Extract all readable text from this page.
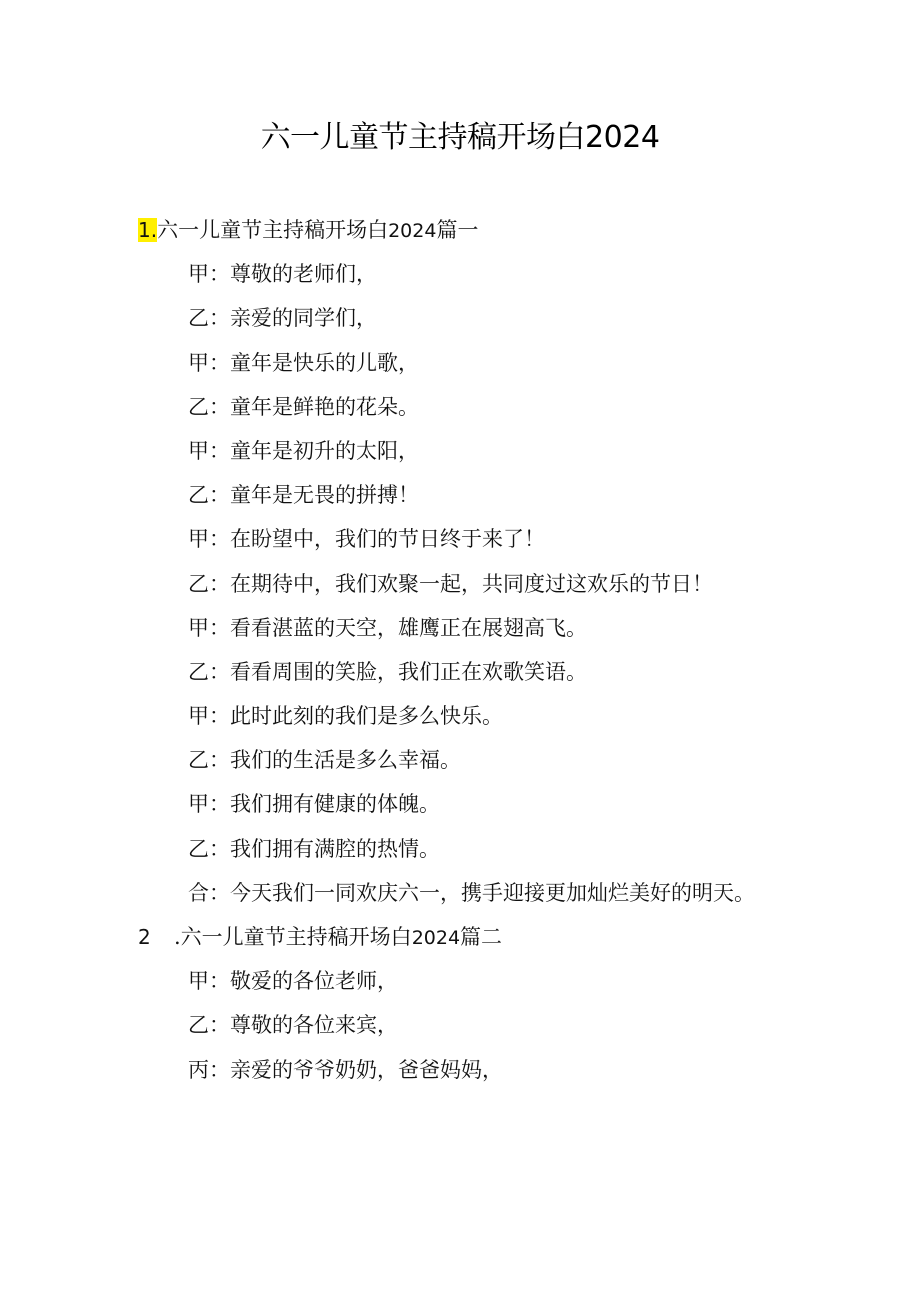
六一儿童节主持稿开场白2024
1.六一儿童节主持稿开场白2024篇一
甲：尊敬的老师们，
乙：亲爱的同学们，
甲：童年是快乐的儿歌，
乙：童年是鲜艳的花朵。
甲：童年是初升的太阳，
乙：童年是无畏的拼搏！
甲：在盼望中，我们的节日终于来了！
乙：在期待中，我们欢聚一起，共同度过这欢乐的节日！
甲：看看湛蓝的天空，雄鹰正在展翅高飞。
乙：看看周围的笑脸，我们正在欢歌笑语。
甲：此时此刻的我们是多么快乐。
乙：我们的生活是多么幸福。
甲：我们拥有健康的体魄。
乙：我们拥有满腔的热情。
合：今天我们一同欢庆六一，携手迎接更加灿烂美好的明天。
2 .六一儿童节主持稿开场白2024篇二
甲：敬爱的各位老师，
乙：尊敬的各位来宾，
丙：亲爱的爷爷奶奶，爸爸妈妈，
